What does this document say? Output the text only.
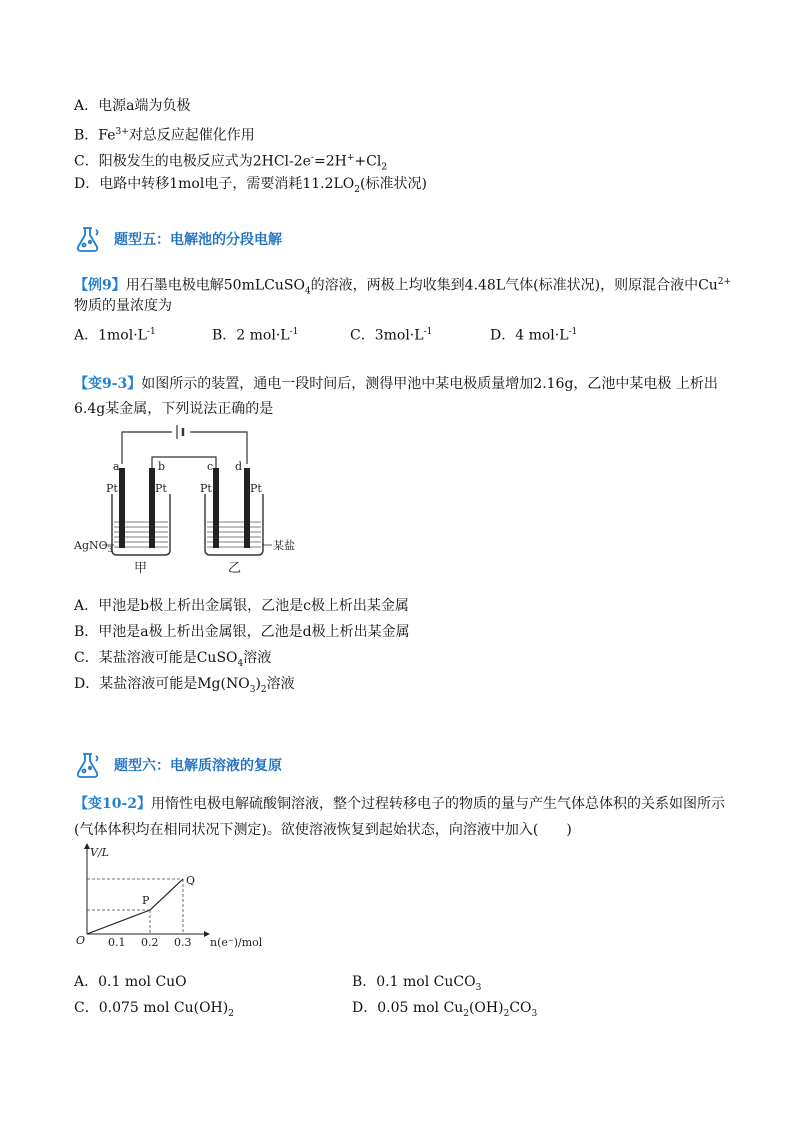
A．电源a端为负极
B．$Fe^{3+}$对总反应起催化作用
C．阳极发生的电极反应式为$2HCl-2e^-=2H^++Cl_2$
D．电路中转移1mol电子，需要消耗$11.2LO_2$(标准状况)
题型五：电解池的分段电解
【例9】用石墨电极电解50mLCuSO$_4$的溶液，两极上均收集到4.48L气体(标准状况)，则原混合液中$Cu^{2+}$
物质的量浓度为
A．$1mol\cdot L^{-1}$	B．2 $mol\cdot L^{-1}$	C．$3mol\cdot L^{-1}$	D．4 $mol\cdot L^{-1}$
【变9-3】如图所示的装置，通电一段时间后，测得甲池中某电极质量增加2.16g，乙池中某电极 上析出
6.4g某金属，下列说法正确的是
a	b	c d
Pt	Pt	Pt	Pt
AgNO$_3$	某盐
甲	乙
A．甲池是b极上析出金属银，乙池是c极上析出某金属
B．甲池是a极上析出金属银，乙池是d极上析出某金属
C．某盐溶液可能是CuSO$_4$溶液
D．某盐溶液可能是$Mg(NO_3)_2$溶液
题型六：电解质溶液的复原
【变10-2】用惰性电极电解硫酸铜溶液，整个过程转移电子的物质的量与产生气体总体积的关系如图所示
(气体体积均在相同状况下测定)。欲使溶液恢复到起始状态，向溶液中加入(　　)
V/L
O
P
Q
0.1 0.2 0.3 n(e⁻)/mol
A．0.1 mol CuO	B．0.1 mol CuCO$_3$
C．0.075 mol $Cu(OH)_2$	D．0.05 mol $Cu_2(OH)_2CO_3$
